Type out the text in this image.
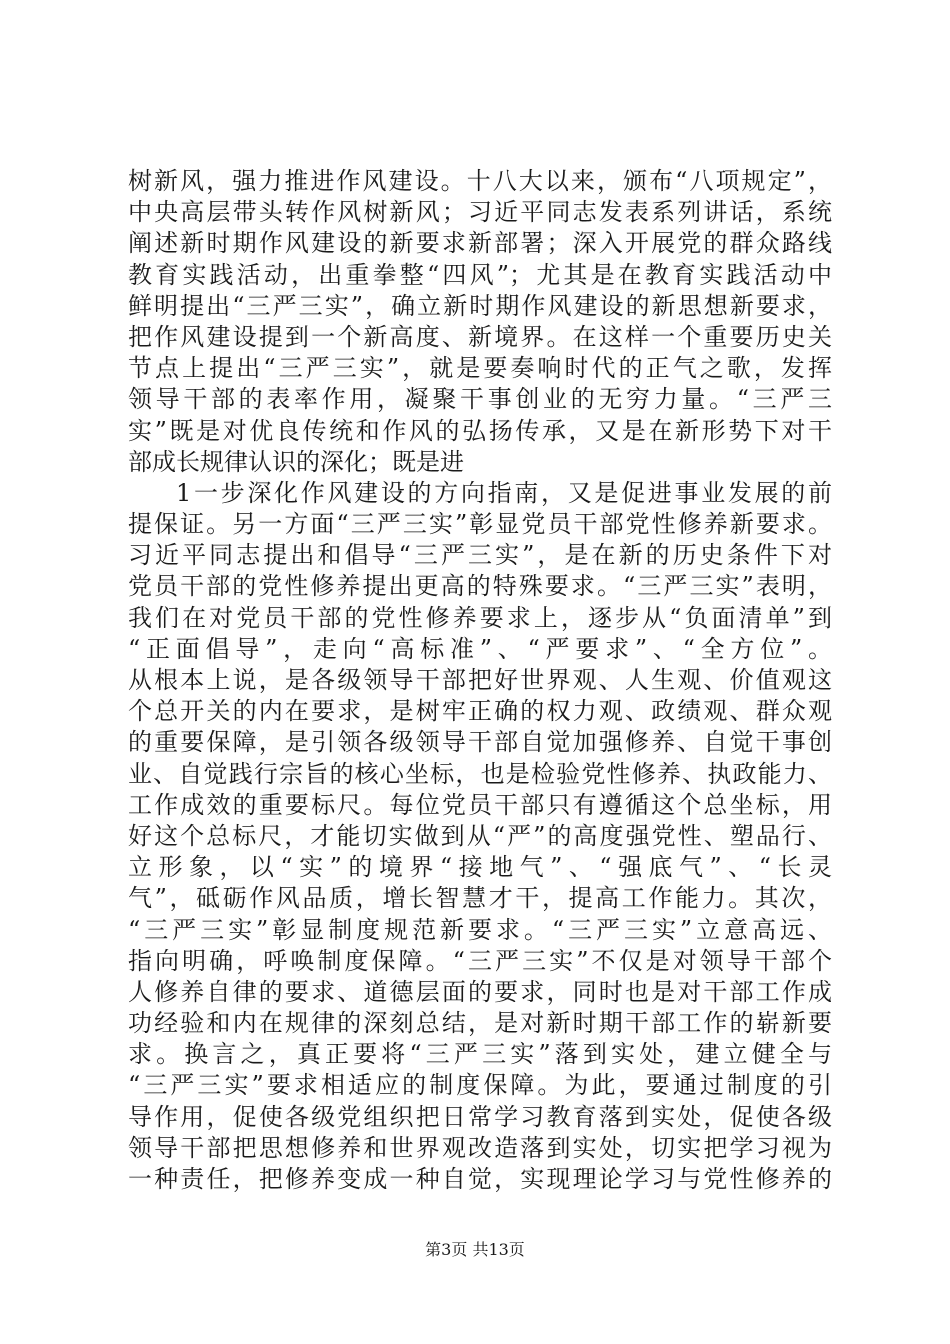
树新风，强力推进作风建设。十八大以来，颁布“八项规定”，
中央高层带头转作风树新风；习近平同志发表系列讲话，系统
阐述新时期作风建设的新要求新部署；深入开展党的群众路线
教育实践活动，出重拳整“四风”；尤其是在教育实践活动中
鲜明提出“三严三实”，确立新时期作风建设的新思想新要求，
把作风建设提到一个新高度、新境界。在这样一个重要历史关
节点上提出“三严三实”，就是要奏响时代的正气之歌，发挥
领导干部的表率作用，凝聚干事创业的无穷力量。“三严三
实”既是对优良传统和作风的弘扬传承，又是在新形势下对干
部成长规律认识的深化；既是进
1一步深化作风建设的方向指南，又是促进事业发展的前
提保证。另一方面“三严三实”彰显党员干部党性修养新要求。
习近平同志提出和倡导“三严三实”，是在新的历史条件下对
党员干部的党性修养提出更高的特殊要求。“三严三实”表明，
我们在对党员干部的党性修养要求上，逐步从“负面清单”到
“正面倡导”，走向“高标准”、“严要求”、“全方位”。
从根本上说，是各级领导干部把好世界观、人生观、价值观这
个总开关的内在要求，是树牢正确的权力观、政绩观、群众观
的重要保障，是引领各级领导干部自觉加强修养、自觉干事创
业、自觉践行宗旨的核心坐标，也是检验党性修养、执政能力、
工作成效的重要标尺。每位党员干部只有遵循这个总坐标，用
好这个总标尺，才能切实做到从“严”的高度强党性、塑品行、
立形象，以“实”的境界“接地气”、“强底气”、“长灵
气”，砥砺作风品质，增长智慧才干，提高工作能力。其次，
“三严三实”彰显制度规范新要求。“三严三实”立意高远、
指向明确，呼唤制度保障。“三严三实”不仅是对领导干部个
人修养自律的要求、道德层面的要求，同时也是对干部工作成
功经验和内在规律的深刻总结，是对新时期干部工作的崭新要
求。换言之，真正要将“三严三实”落到实处，建立健全与
“三严三实”要求相适应的制度保障。为此，要通过制度的引
导作用，促使各级党组织把日常学习教育落到实处，促使各级
领导干部把思想修养和世界观改造落到实处，切实把学习视为
一种责任，把修养变成一种自觉，实现理论学习与党性修养的
第3页 共13页
